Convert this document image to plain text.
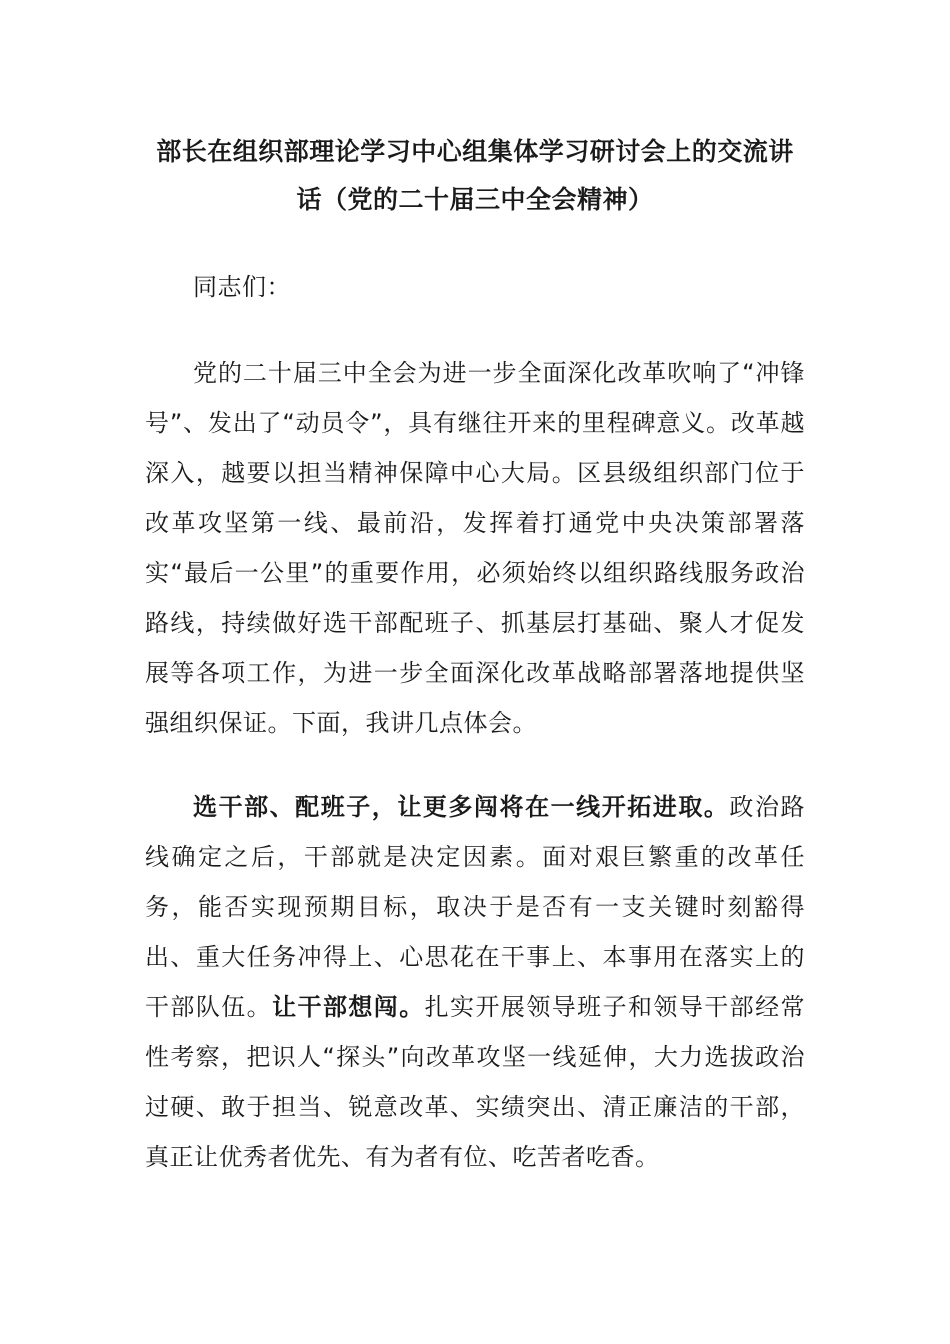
部长在组织部理论学习中心组集体学习研讨会上的交流讲话（党的二十届三中全会精神）

同志们：

党的二十届三中全会为进一步全面深化改革吹响了“冲锋号”、发出了“动员令”，具有继往开来的里程碑意义。改革越深入，越要以担当精神保障中心大局。区县级组织部门位于改革攻坚第一线、最前沿，发挥着打通党中央决策部署落实“最后一公里”的重要作用，必须始终以组织路线服务政治路线，持续做好选干部配班子、抓基层打基础、聚人才促发展等各项工作，为进一步全面深化改革战略部署落地提供坚强组织保证。下面，我讲几点体会。

选干部、配班子，让更多闯将在一线开拓进取。政治路线确定之后，干部就是决定因素。面对艰巨繁重的改革任务，能否实现预期目标，取决于是否有一支关键时刻豁得出、重大任务冲得上、心思花在干事上、本事用在落实上的干部队伍。让干部想闯。扎实开展领导班子和领导干部经常性考察，把识人“探头”向改革攻坚一线延伸，大力选拔政治过硬、敢于担当、锐意改革、实绩突出、清正廉洁的干部，真正让优秀者优先、有为者有位、吃苦者吃香。
